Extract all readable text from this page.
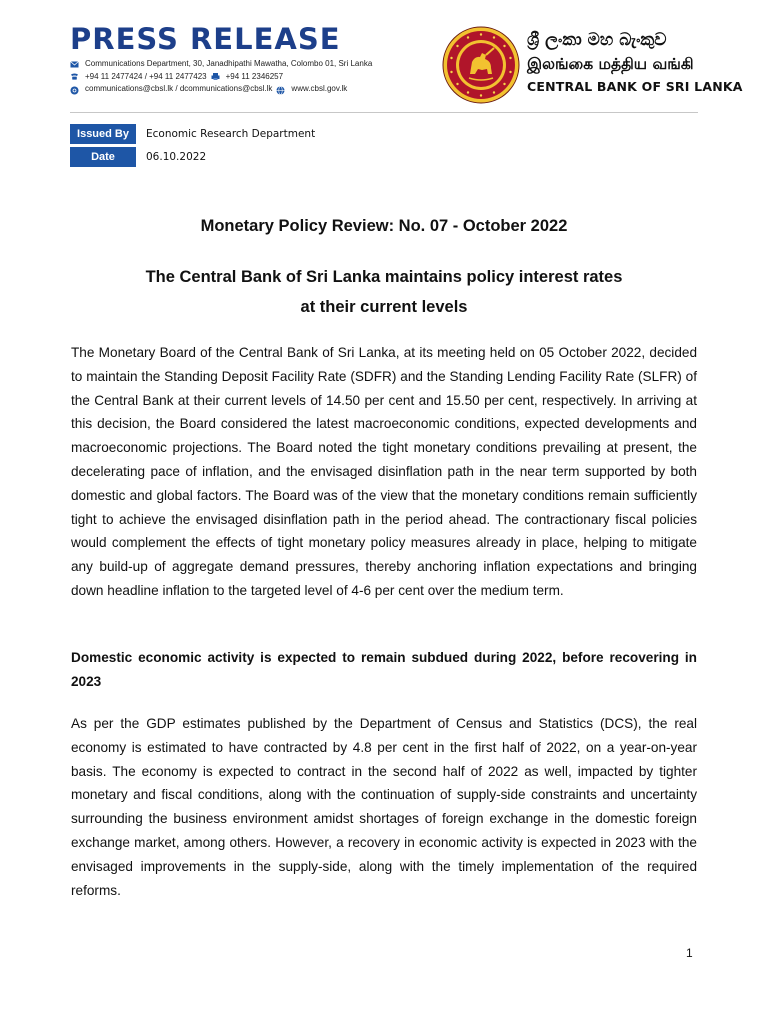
PRESS RELEASE
Communications Department, 30, Janadhipathi Mawatha, Colombo 01, Sri Lanka
+94 11 2477424 / +94 11 2477423 +94 11 2346257
communications@cbsl.lk / dcommunications@cbsl.lk www.cbsl.gov.lk
ශ්‍රී ලංකා මහ බැංකුව
இலங்கை மத்திய வங்கி
CENTRAL BANK OF SRI LANKA
Issued By	Economic Research Department
Date	06.10.2022
Monetary Policy Review: No. 07 - October 2022
The Central Bank of Sri Lanka maintains policy interest rates
at their current levels

The Monetary Board of the Central Bank of Sri Lanka, at its meeting held on 05 October 2022, decided to maintain the Standing Deposit Facility Rate (SDFR) and the Standing Lending Facility Rate (SLFR) of the Central Bank at their current levels of 14.50 per cent and 15.50 per cent, respectively. In arriving at this decision, the Board considered the latest macroeconomic conditions, expected developments and macroeconomic projections. The Board noted the tight monetary conditions prevailing at present, the decelerating pace of inflation, and the envisaged disinflation path in the near term supported by both domestic and global factors. The Board was of the view that the monetary conditions remain sufficiently tight to achieve the envisaged disinflation path in the period ahead. The contractionary fiscal policies would complement the effects of tight monetary policy measures already in place, helping to mitigate any build-up of aggregate demand pressures, thereby anchoring inflation expectations and bringing down headline inflation to the targeted level of 4-6 per cent over the medium term.

Domestic economic activity is expected to remain subdued during 2022, before recovering in 2023

As per the GDP estimates published by the Department of Census and Statistics (DCS), the real economy is estimated to have contracted by 4.8 per cent in the first half of 2022, on a year-on-year basis. The economy is expected to contract in the second half of 2022 as well, impacted by tighter monetary and fiscal conditions, along with the continuation of supply-side constraints and uncertainty surrounding the business environment amidst shortages of foreign exchange in the domestic foreign exchange market, among others. However, a recovery in economic activity is expected in 2023 with the envisaged improvements in the supply-side, along with the timely implementation of the required reforms.

1
